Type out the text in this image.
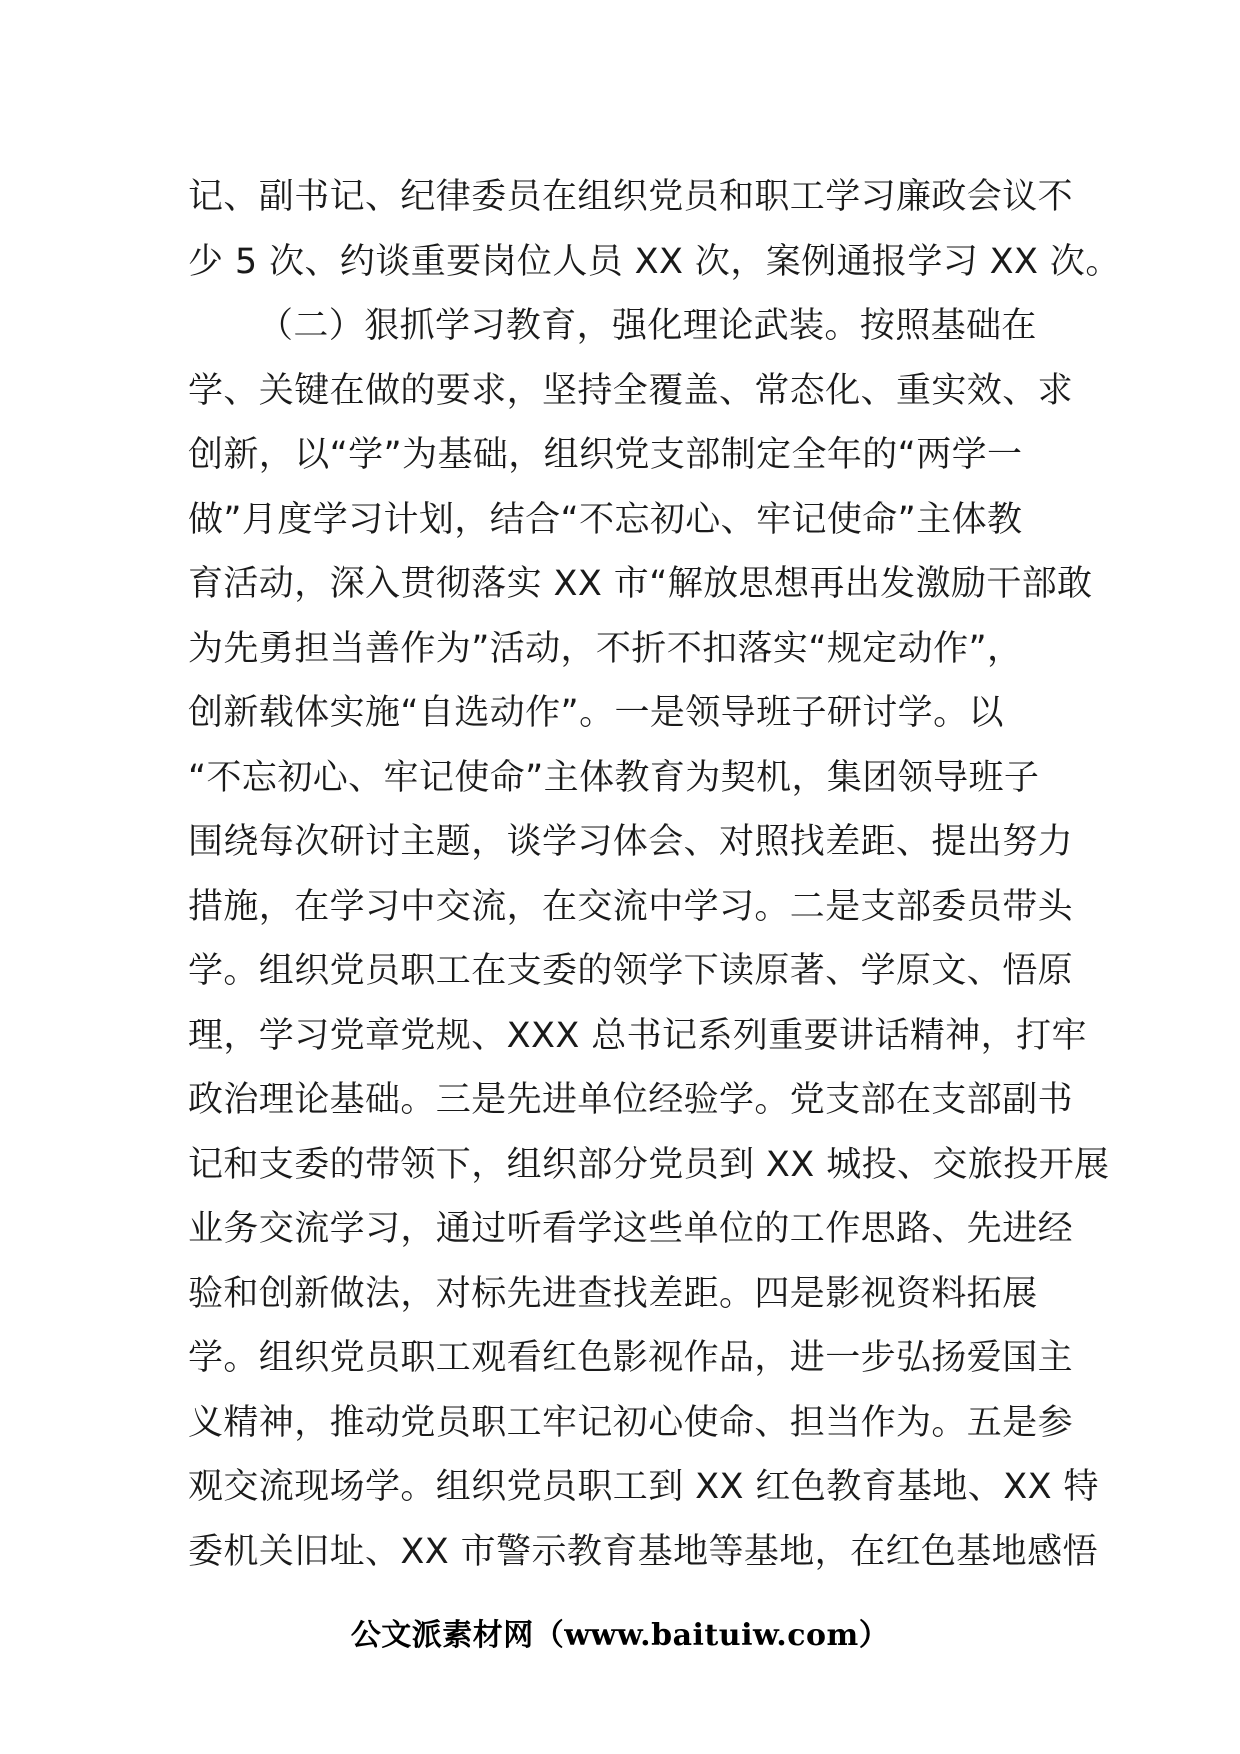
记、副书记、纪律委员在组织党员和职工学习廉政会议不
少 5 次、约谈重要岗位人员 XX 次，案例通报学习 XX 次。
（二）狠抓学习教育，强化理论武装。按照基础在
学、关键在做的要求，坚持全覆盖、常态化、重实效、求
创新，以“学”为基础，组织党支部制定全年的“两学一
做”月度学习计划，结合“不忘初心、牢记使命”主体教
育活动，深入贯彻落实 XX 市“解放思想再出发激励干部敢
为先勇担当善作为”活动，不折不扣落实“规定动作”，
创新载体实施“自选动作”。一是领导班子研讨学。以
“不忘初心、牢记使命”主体教育为契机，集团领导班子
围绕每次研讨主题，谈学习体会、对照找差距、提出努力
措施，在学习中交流，在交流中学习。二是支部委员带头
学。组织党员职工在支委的领学下读原著、学原文、悟原
理，学习党章党规、XXX 总书记系列重要讲话精神，打牢
政治理论基础。三是先进单位经验学。党支部在支部副书
记和支委的带领下，组织部分党员到 XX 城投、交旅投开展
业务交流学习，通过听看学这些单位的工作思路、先进经
验和创新做法，对标先进查找差距。四是影视资料拓展
学。组织党员职工观看红色影视作品，进一步弘扬爱国主
义精神，推动党员职工牢记初心使命、担当作为。五是参
观交流现场学。组织党员职工到 XX 红色教育基地、XX 特
委机关旧址、XX 市警示教育基地等基地，在红色基地感悟
公文派素材网（www.baituiw.com）
